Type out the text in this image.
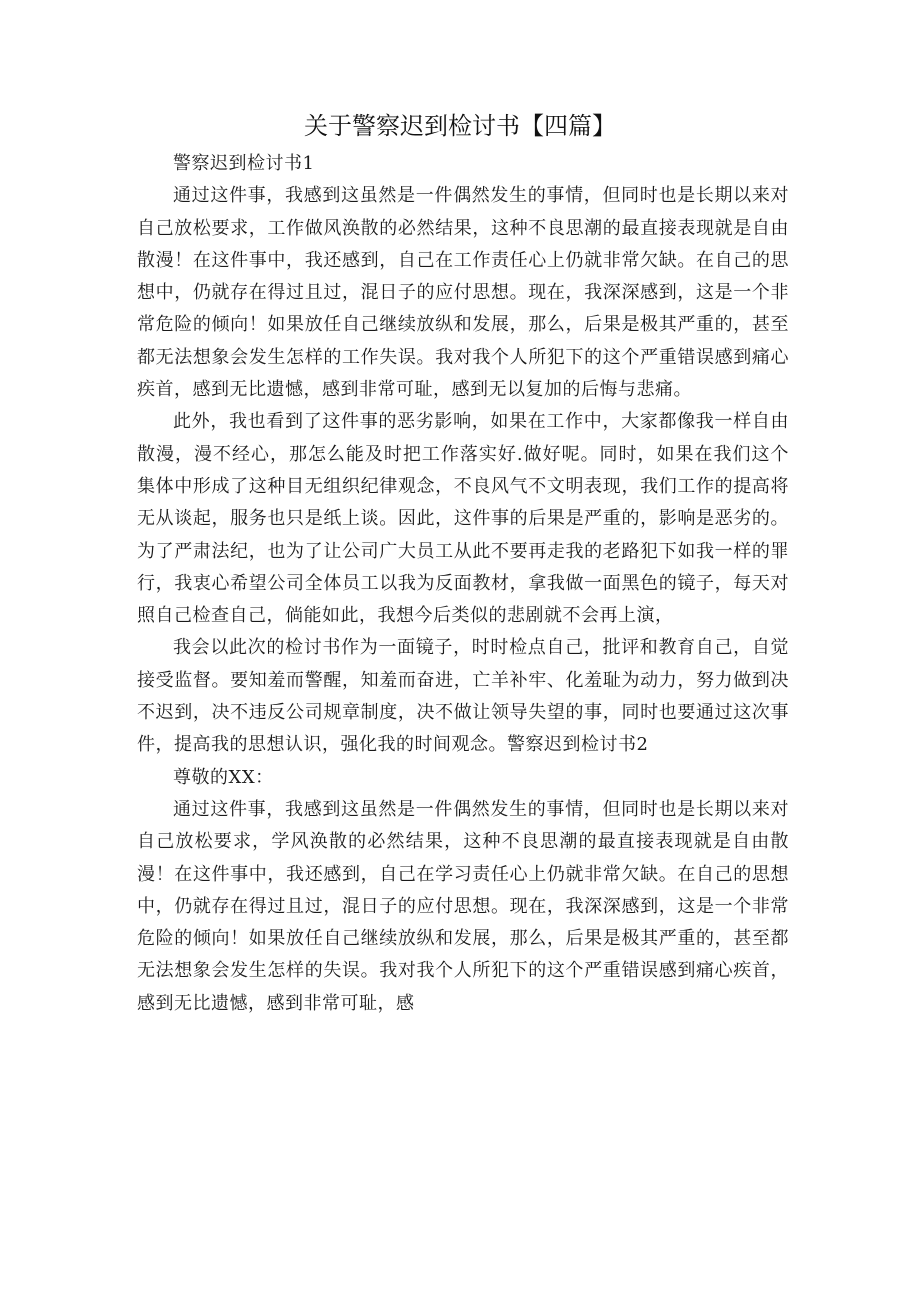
关于警察迟到检讨书【四篇】

警察迟到检讨书1

通过这件事，我感到这虽然是一件偶然发生的事情，但同时也是长期以来对自己放松要求，工作做风涣散的必然结果，这种不良思潮的最直接表现就是自由散漫！在这件事中，我还感到，自己在工作责任心上仍就非常欠缺。在自己的思想中，仍就存在得过且过，混日子的应付思想。现在，我深深感到，这是一个非常危险的倾向！如果放任自己继续放纵和发展，那么，后果是极其严重的，甚至都无法想象会发生怎样的工作失误。我对我个人所犯下的这个严重错误感到痛心疾首，感到无比遗憾，感到非常可耻，感到无以复加的后悔与悲痛。

此外，我也看到了这件事的恶劣影响，如果在工作中，大家都像我一样自由散漫，漫不经心，那怎么能及时把工作落实好.做好呢。同时，如果在我们这个集体中形成了这种目无组织纪律观念，不良风气不文明表现，我们工作的提高将无从谈起，服务也只是纸上谈。因此，这件事的后果是严重的，影响是恶劣的。为了严肃法纪，也为了让公司广大员工从此不要再走我的老路犯下如我一样的罪行，我衷心希望公司全体员工以我为反面教材，拿我做一面黑色的镜子，每天对照自己检查自己，倘能如此，我想今后类似的悲剧就不会再上演，

我会以此次的检讨书作为一面镜子，时时检点自己，批评和教育自己，自觉接受监督。要知羞而警醒，知羞而奋进，亡羊补牢、化羞耻为动力，努力做到决不迟到，决不违反公司规章制度，决不做让领导失望的事，同时也要通过这次事件，提高我的思想认识，强化我的时间观念。警察迟到检讨书2

尊敬的XX：

通过这件事，我感到这虽然是一件偶然发生的事情，但同时也是长期以来对自己放松要求，学风涣散的必然结果，这种不良思潮的最直接表现就是自由散漫！在这件事中，我还感到，自己在学习责任心上仍就非常欠缺。在自己的思想中，仍就存在得过且过，混日子的应付思想。现在，我深深感到，这是一个非常危险的倾向！如果放任自己继续放纵和发展，那么，后果是极其严重的，甚至都无法想象会发生怎样的失误。我对我个人所犯下的这个严重错误感到痛心疾首，感到无比遗憾，感到非常可耻，感
